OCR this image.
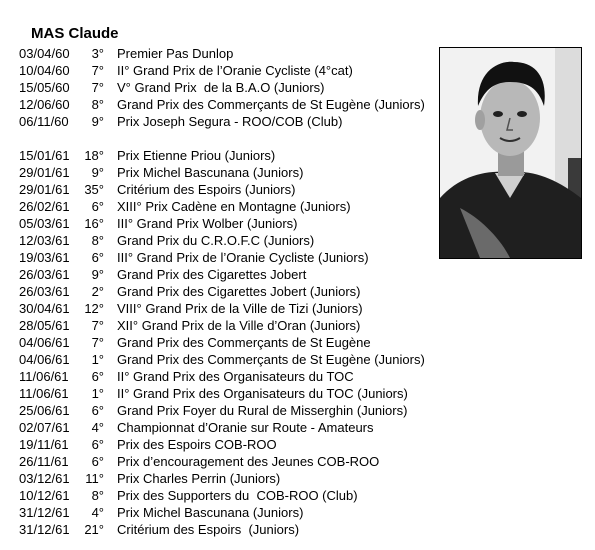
MAS Claude
03/04/60	3° Premier Pas Dunlop
10/04/60	7° II° Grand Prix de l’Oranie Cycliste (4°cat)
15/05/60	7° V° Grand Prix  de la B.A.O (Juniors)
12/06/60	8° Grand Prix des Commerçants de St Eugène (Juniors)
06/11/60	9° Prix Joseph Segura - ROO/COB (Club)
15/01/61	18° Prix Etienne Priou (Juniors)
29/01/61	9° Prix Michel Bascunana (Juniors)
29/01/61	35° Critérium des Espoirs (Juniors)
26/02/61	6° XIII° Prix Cadène en Montagne (Juniors)
05/03/61	16° III° Grand Prix Wolber (Juniors)
12/03/61	8° Grand Prix du C.R.O.F.C (Juniors)
19/03/61	6° III° Grand Prix de l’Oranie Cycliste (Juniors)
26/03/61	9° Grand Prix des Cigarettes Jobert
26/03/61	2° Grand Prix des Cigarettes Jobert (Juniors)
30/04/61	12° VIII° Grand Prix de la Ville de Tizi (Juniors)
28/05/61	7° XII° Grand Prix de la Ville d’Oran (Juniors)
04/06/61	7° Grand Prix des Commerçants de St Eugène
04/06/61	1° Grand Prix des Commerçants de St Eugène (Juniors)
11/06/61	6° II° Grand Prix des Organisateurs du TOC
11/06/61	1° II° Grand Prix des Organisateurs du TOC (Juniors)
25/06/61	6° Grand Prix Foyer du Rural de Misserghin (Juniors)
02/07/61	4° Championnat d’Oranie sur Route - Amateurs
19/11/61	6° Prix des Espoirs COB-ROO
26/11/61	6° Prix d’encouragement des Jeunes COB-ROO
03/12/61	11° Prix Charles Perrin (Juniors)
10/12/61	8° Prix des Supporters du  COB-ROO (Club)
31/12/61	4° Prix Michel Bascunana (Juniors)
31/12/61	21° Critérium des Espoirs  (Juniors)
